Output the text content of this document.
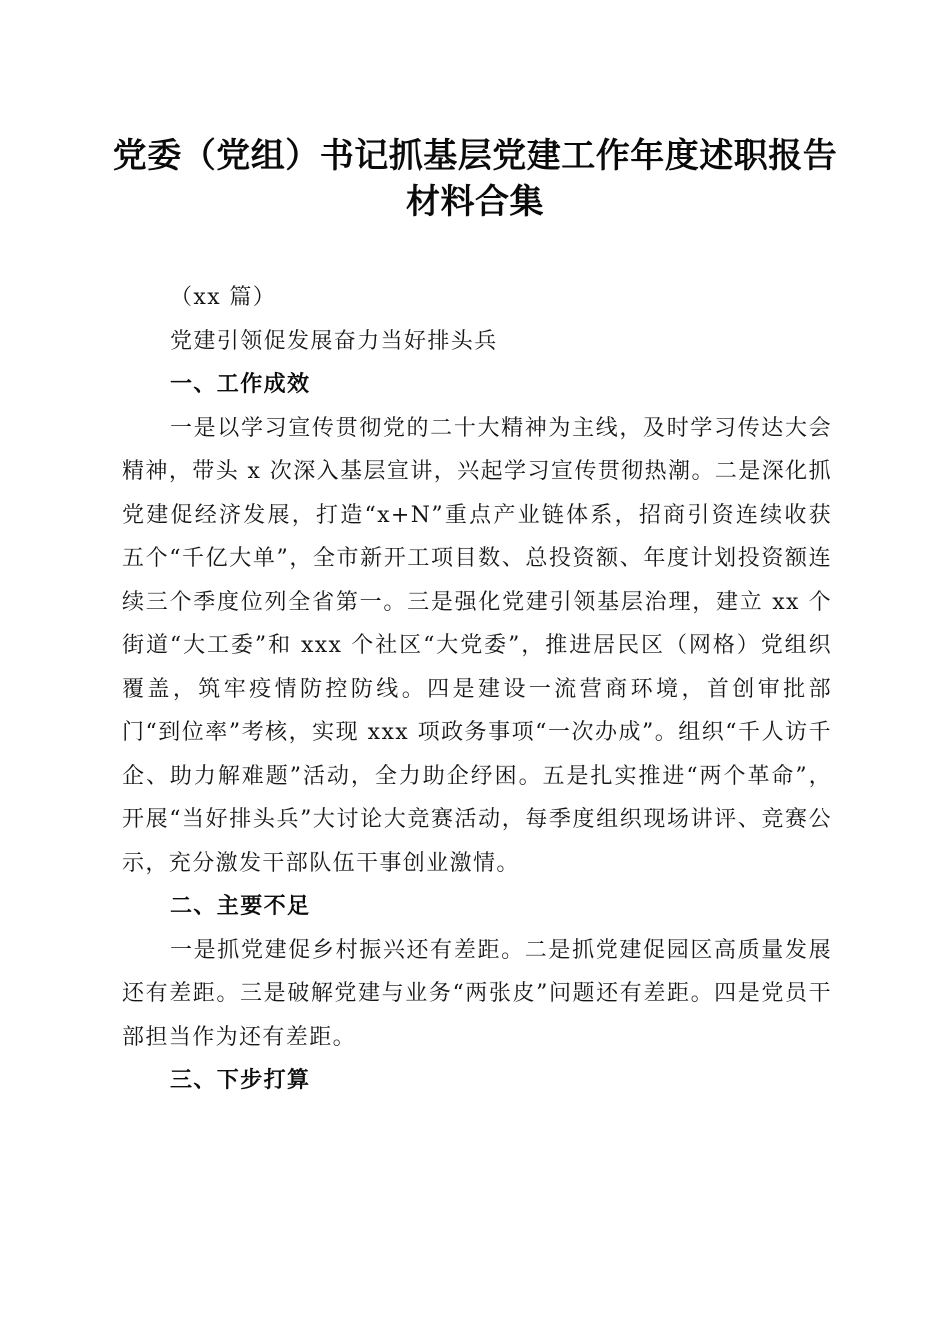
党委（党组）书记抓基层党建工作年度述职报告材料合集

（xx 篇）

党建引领促发展奋力当好排头兵

一、工作成效

一是以学习宣传贯彻党的二十大精神为主线，及时学习传达大会精神，带头 x 次深入基层宣讲，兴起学习宣传贯彻热潮。二是深化抓党建促经济发展，打造“x+N”重点产业链体系，招商引资连续收获五个“千亿大单”，全市新开工项目数、总投资额、年度计划投资额连续三个季度位列全省第一。三是强化党建引领基层治理，建立 xx 个街道“大工委”和 xxx 个社区“大党委”，推进居民区（网格）党组织覆盖，筑牢疫情防控防线。四是建设一流营商环境，首创审批部门“到位率”考核，实现 xxx 项政务事项“一次办成”。组织“千人访千企、助力解难题”活动，全力助企纾困。五是扎实推进“两个革命”，开展“当好排头兵”大讨论大竞赛活动，每季度组织现场讲评、竞赛公示，充分激发干部队伍干事创业激情。

二、主要不足

一是抓党建促乡村振兴还有差距。二是抓党建促园区高质量发展还有差距。三是破解党建与业务“两张皮”问题还有差距。四是党员干部担当作为还有差距。

三、下步打算
